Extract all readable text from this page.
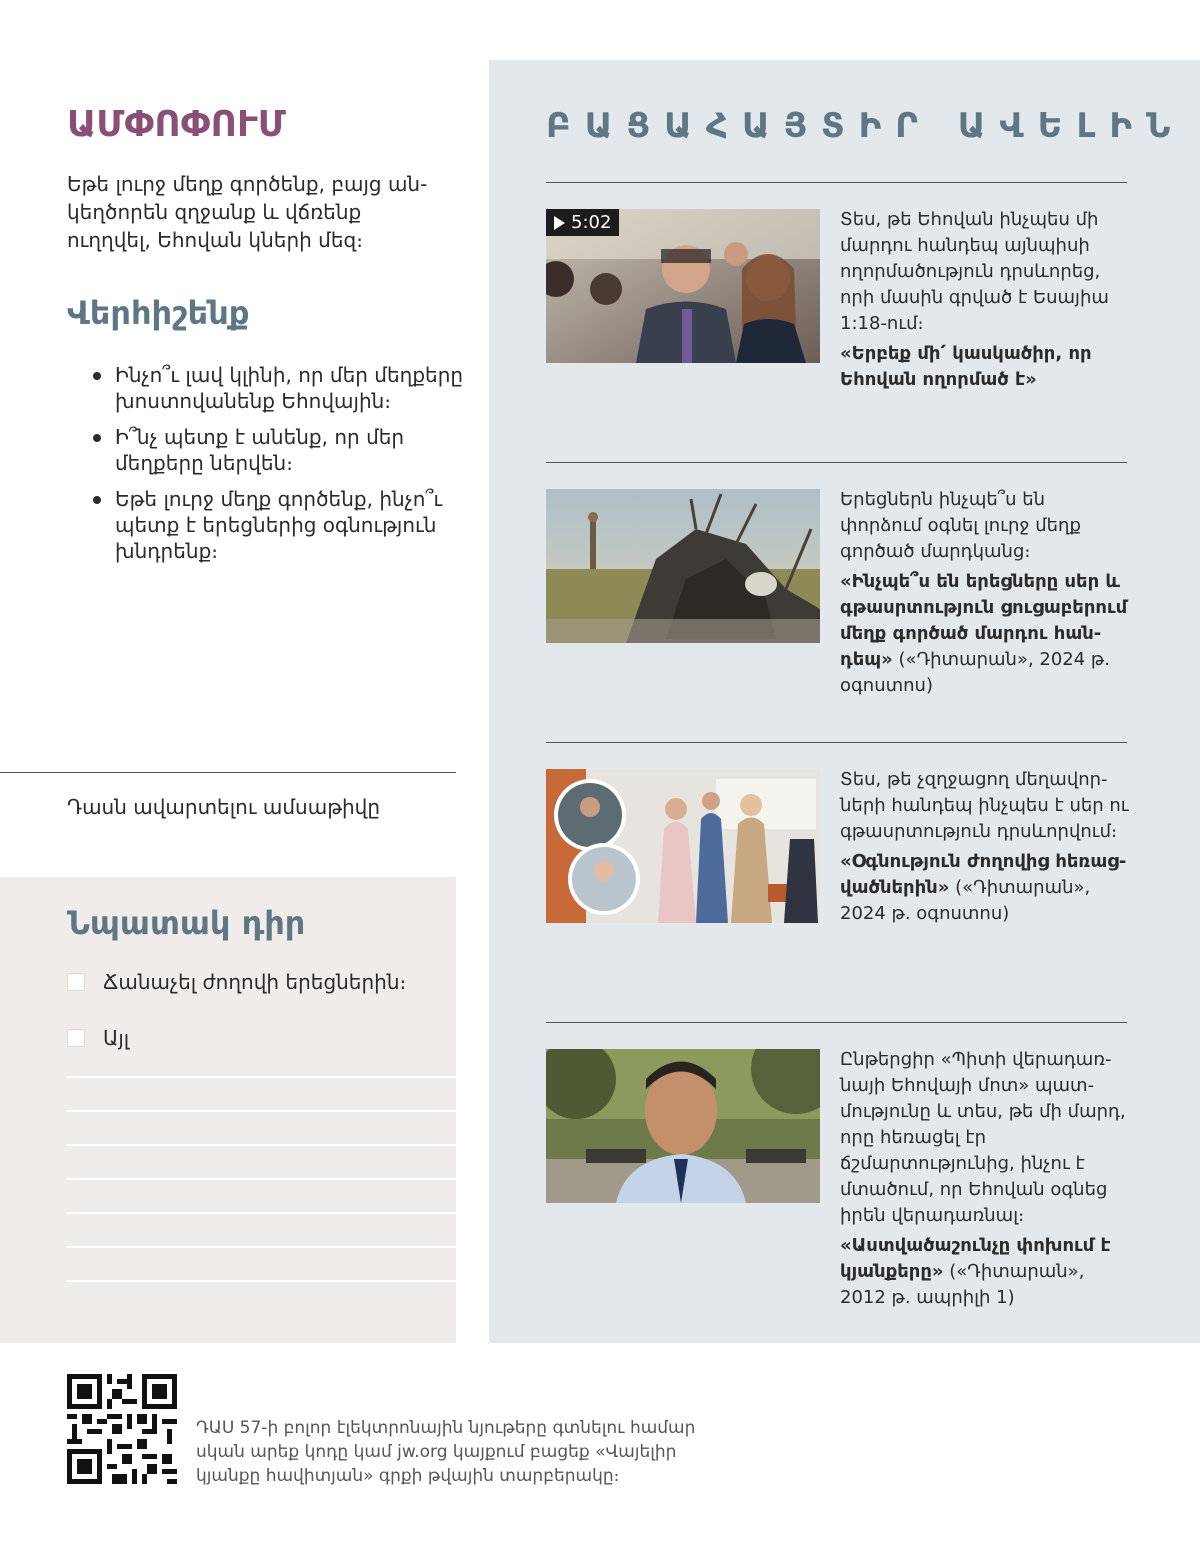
ԲԱՑԱՀԱՅՏԻՐ ԱՎԵԼԻՆ
5:02	Տես, թե Եհովան ինչպես մի մարդու հանդեպ այնպիսի ողորմածություն դրսևորեց, որի մասին գրված է Եսայիա 1:18-ում։

«Երբեք մի՛ կասկածիր, որ Եհովան ողորմած է»

Երեցներն ինչպե՞ս են փորձում օգնել լուրջ մեղք գործած մարդկանց։

«Ինչպե՞ս են երեցները սեր և գթասրտություն ցուցաբերում մեղք գործած մարդու հանդեպ» («Դիտարան», 2024 թ. օգոստոս)

Տես, թե չզղջացող մեղավորների հանդեպ ինչպես է սեր ու գթասրտություն դրսևորվում։

«Օգնություն ժողովից հեռացվածներին» («Դիտարան», 2024 թ. օգոստոս)

Ընթերցիր «Պիտի վերադառնայի Եհովայի մոտ» պատմությունը և տես, թե մի մարդ, որը հեռացել էր ճշմարտությունից, ինչու է մտածում, որ Եհովան օգնեց իրեն վերադառնալ։

«Աստվածաշունչը փոխում է կյանքերը» («Դիտարան», 2012 թ. ապրիլի 1)

ԱՄՓՈՓՈՒՄ

Եթե լուրջ մեղք գործենք, բայց անկեղծորեն զղջանք և վճռենք ուղղվել, Եհովան կների մեզ։

Վերհիշենք
Ինչո՞ւ լավ կլինի, որ մեր մեղքերը խոստովանենք Եհովային։
Ի՞նչ պետք է անենք, որ մեր մեղքերը ներվեն։
Եթե լուրջ մեղք գործենք, ինչո՞ւ պետք է երեցներից օգնություն խնդրենք։
Դասն ավարտելու ամսաթիվը
Նպատակ դիր
Ճանաչել ժողովի երեցներին։
Այլ

ԴԱՍ 57-ի բոլոր էլեկտրոնային նյութերը գտնելու համար սկան արեք կոդը կամ jw.org կայքում բացեք «Վայելիր կյանքը հավիտյան» գրքի թվային տարբերակը։
